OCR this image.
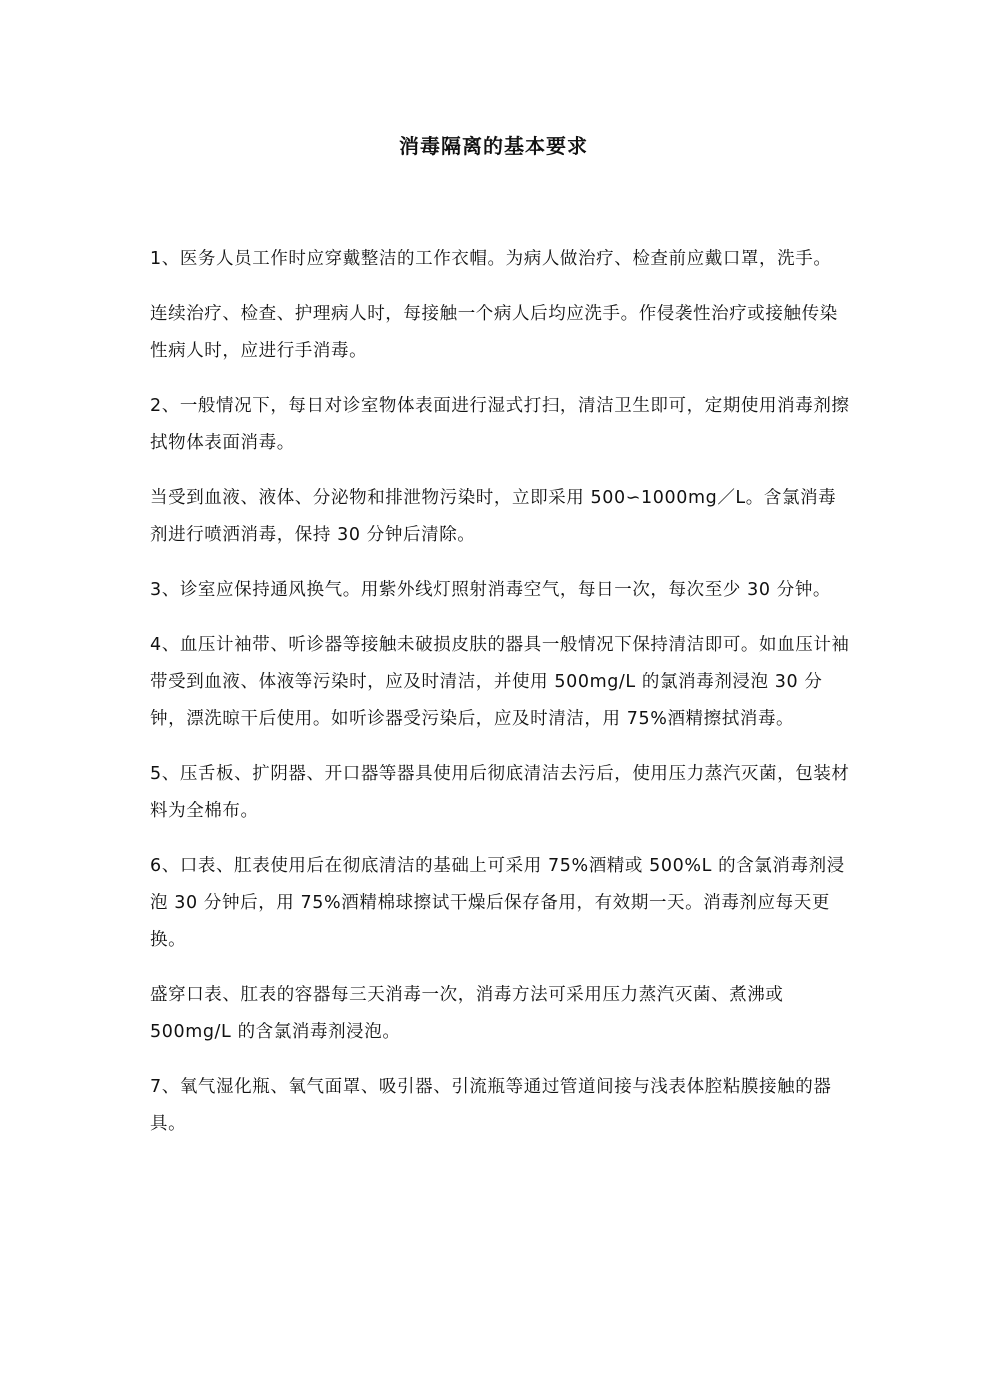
消毒隔离的基本要求

1、医务人员工作时应穿戴整洁的工作衣帽。为病人做治疗、检查前应戴口罩，洗手。

连续治疗、检查、护理病人时，每接触一个病人后均应洗手。作侵袭性治疗或接触传染性病人时，应进行手消毒。

2、一般情况下，每日对诊室物体表面进行湿式打扫，清洁卫生即可，定期使用消毒剂擦拭物体表面消毒。

当受到血液、液体、分泌物和排泄物污染时，立即采用 500∽1000mg／L。含氯消毒剂进行喷洒消毒，保持 30 分钟后清除。

3、诊室应保持通风换气。用紫外线灯照射消毒空气，每日一次，每次至少 30 分钟。

4、血压计袖带、听诊器等接触未破损皮肤的器具一般情况下保持清洁即可。如血压计袖带受到血液、体液等污染时，应及时清洁，并使用 500mg/L 的氯消毒剂浸泡 30 分钟，漂洗晾干后使用。如听诊器受污染后，应及时清洁，用 75%酒精擦拭消毒。

5、压舌板、扩阴器、开口器等器具使用后彻底清洁去污后，使用压力蒸汽灭菌，包装材料为全棉布。

6、口表、肛表使用后在彻底清洁的基础上可采用 75%酒精或 500%L 的含氯消毒剂浸泡 30 分钟后，用 75%酒精棉球擦试干燥后保存备用，有效期一天。消毒剂应每天更换。

盛穿口表、肛表的容器每三天消毒一次，消毒方法可采用压力蒸汽灭菌、煮沸或 500mg/L 的含氯消毒剂浸泡。

7、氧气湿化瓶、氧气面罩、吸引器、引流瓶等通过管道间接与浅表体腔粘膜接触的器具。
